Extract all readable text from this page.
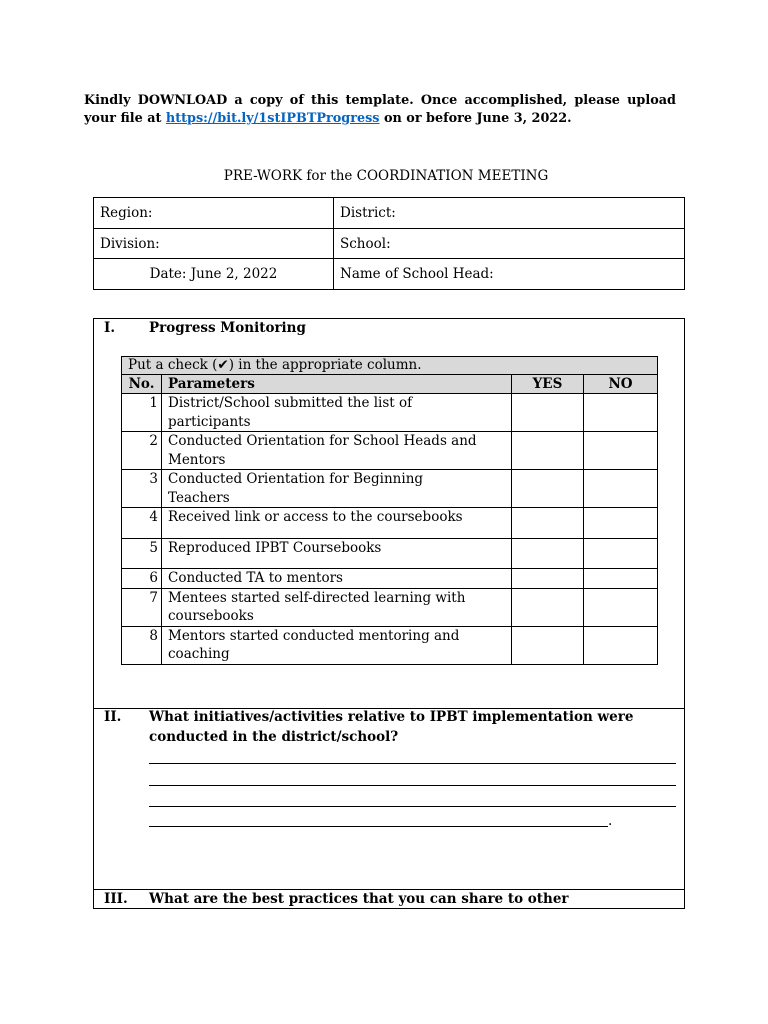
Kindly DOWNLOAD a copy of this template. Once accomplished, please upload your file at https://bit.ly/1stIPBTProgress on or before June 3, 2022.

PRE-WORK for the COORDINATION MEETING
Region:	District:
Division:	School:
Date: June 2, 2022	Name of School Head:
I.	Progress Monitoring
Put a check (✔) in the appropriate column.			
No.	Parameters	YES	NO
1	District/School submitted the list of participants		
2	Conducted Orientation for School Heads and Mentors		
3	Conducted Orientation for Beginning Teachers		
4	Received link or access to the coursebooks		
5	Reproduced IPBT Coursebooks		
6	Conducted TA to mentors		
7	Mentees started self-directed learning with coursebooks		
8	Mentors started conducted mentoring and coaching		
II. What initiatives/activities relative to IPBT implementation were conducted in the district/school?
.
III. What are the best practices that you can share to other
